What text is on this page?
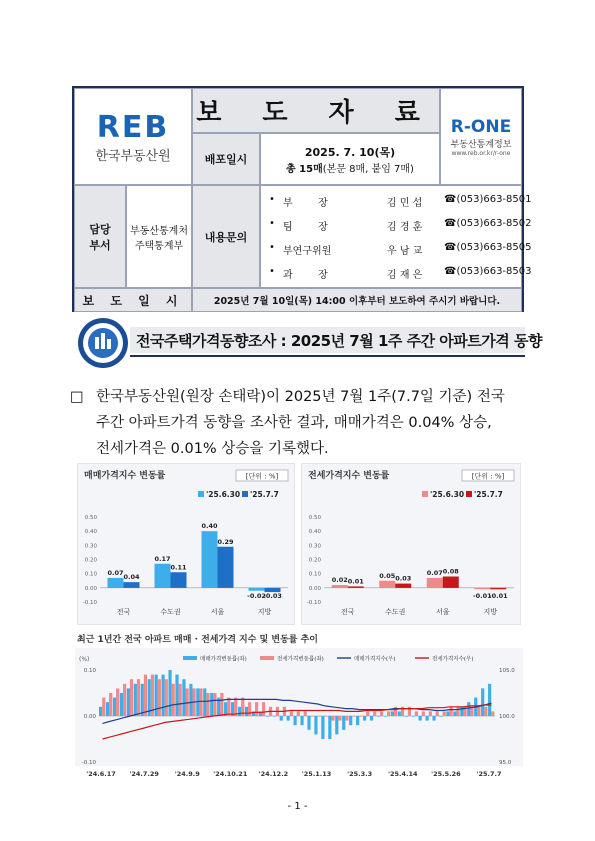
REB
한국부동산원
보 도 자 료 R-ONE
부동산통계정보
www.reb.or.kr/r-one
배포일시
2025. 7. 10(목)
총 15매(본문 8매, 붙임 7매)
담당
부서
부동산통계처
주택통계부
내용문의
• 부        장	김 민 섭 ☎(053)663-8501
• 팀        장	김 경 훈 ☎(053)663-8502
• 부연구위원	우 남 교 ☎(053)663-8505
• 과        장	김 재 은 ☎(053)663-8503
보 도 일 시	2025년 7월 10일(목) 14:00 이후부터 보도하여 주시기 바랍니다.
전국주택가격동향조사 : 2025년 7월 1주 주간 아파트가격 동향
□ 한국부동산원(원장 손태락)이 2025년 7월 1주(7.7일 기준) 전국
주간 아파트가격 동향을 조사한 결과, 매매가격은 0.04% 상승,
전세가격은 0.01% 상승을 기록했다.
매매가격지수 변동률	[단위 : %]
'25.6.30 '25.7.7
0.50
0.40
0.30
0.20
0.10
0.00
-0.10
전국
0.07
0.04
수도권
0.17
0.11
서울
0.40
0.29
지방
-0.02
-0.03
전세가격지수 변동률	[단위 : %]
'25.6.30 '25.7.7
0.50
0.40
0.30
0.20
0.10
0.00
-0.10
전국
0.02 0.01
수도권
0.05 0.03
서울
0.07 0.08
지방
-0.01
-0.01
최근 1년간 전국 아파트 매매 · 전세가격 지수 및 변동률 추이
(%)	매매가격변동률(좌)	전세가격변동률(좌)	매매가격지수(우)	전세가격지수(우)
0.10
0.00
-0.10
105.0
100.0
95.0
'24.6.17 '24.7.29 '24.9.9 '24.10.21 '24.12.2 '25.1.13 '25.3.3 '25.4.14 '25.5.26 '25.7.7
- 1 -
